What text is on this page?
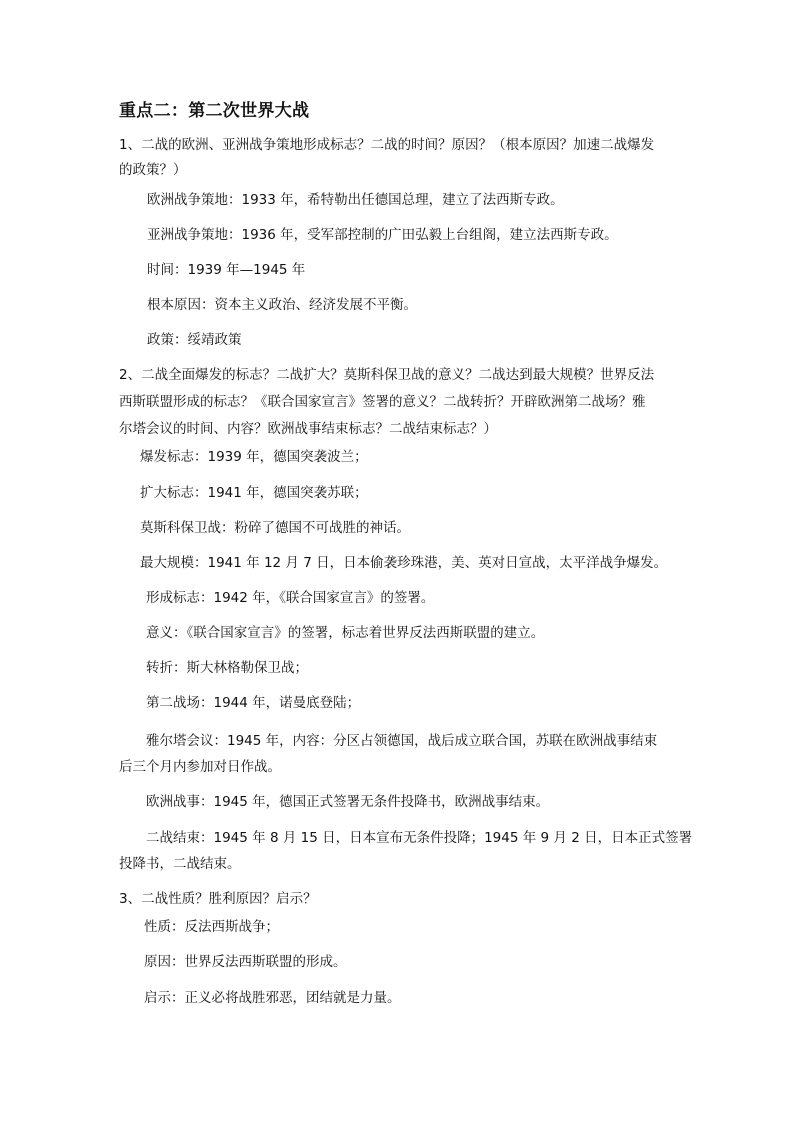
重点二：第二次世界大战
1、二战的欧洲、亚洲战争策地形成标志？二战的时间？原因？（根本原因？加速二战爆发
的政策？）
欧洲战争策地：1933 年，希特勒出任德国总理，建立了法西斯专政。
亚洲战争策地：1936 年，受军部控制的广田弘毅上台组阁，建立法西斯专政。
时间：1939 年—1945 年
根本原因：资本主义政治、经济发展不平衡。
政策：绥靖政策
2、二战全面爆发的标志？二战扩大？莫斯科保卫战的意义？二战达到最大规模？世界反法
西斯联盟形成的标志？《联合国家宣言》签署的意义？二战转折？开辟欧洲第二战场？雅
尔塔会议的时间、内容？欧洲战事结束标志？二战结束标志？）
爆发标志：1939 年，德国突袭波兰；
扩大标志：1941 年，德国突袭苏联；
莫斯科保卫战：粉碎了德国不可战胜的神话。
最大规模：1941 年 12 月 7 日，日本偷袭珍珠港，美、英对日宣战，太平洋战争爆发。
形成标志：1942 年，《联合国家宣言》的签署。
意义：《联合国家宣言》的签署，标志着世界反法西斯联盟的建立。
转折：斯大林格勒保卫战；
第二战场：1944 年，诺曼底登陆；
雅尔塔会议：1945 年，内容：分区占领德国，战后成立联合国，苏联在欧洲战事结束
后三个月内参加对日作战。
欧洲战事：1945 年，德国正式签署无条件投降书，欧洲战事结束。
二战结束：1945 年 8 月 15 日，日本宣布无条件投降；1945 年 9 月 2 日，日本正式签署
投降书，二战结束。
3、二战性质？胜利原因？启示？
性质：反法西斯战争；
原因：世界反法西斯联盟的形成。
启示：正义必将战胜邪恶，团结就是力量。
